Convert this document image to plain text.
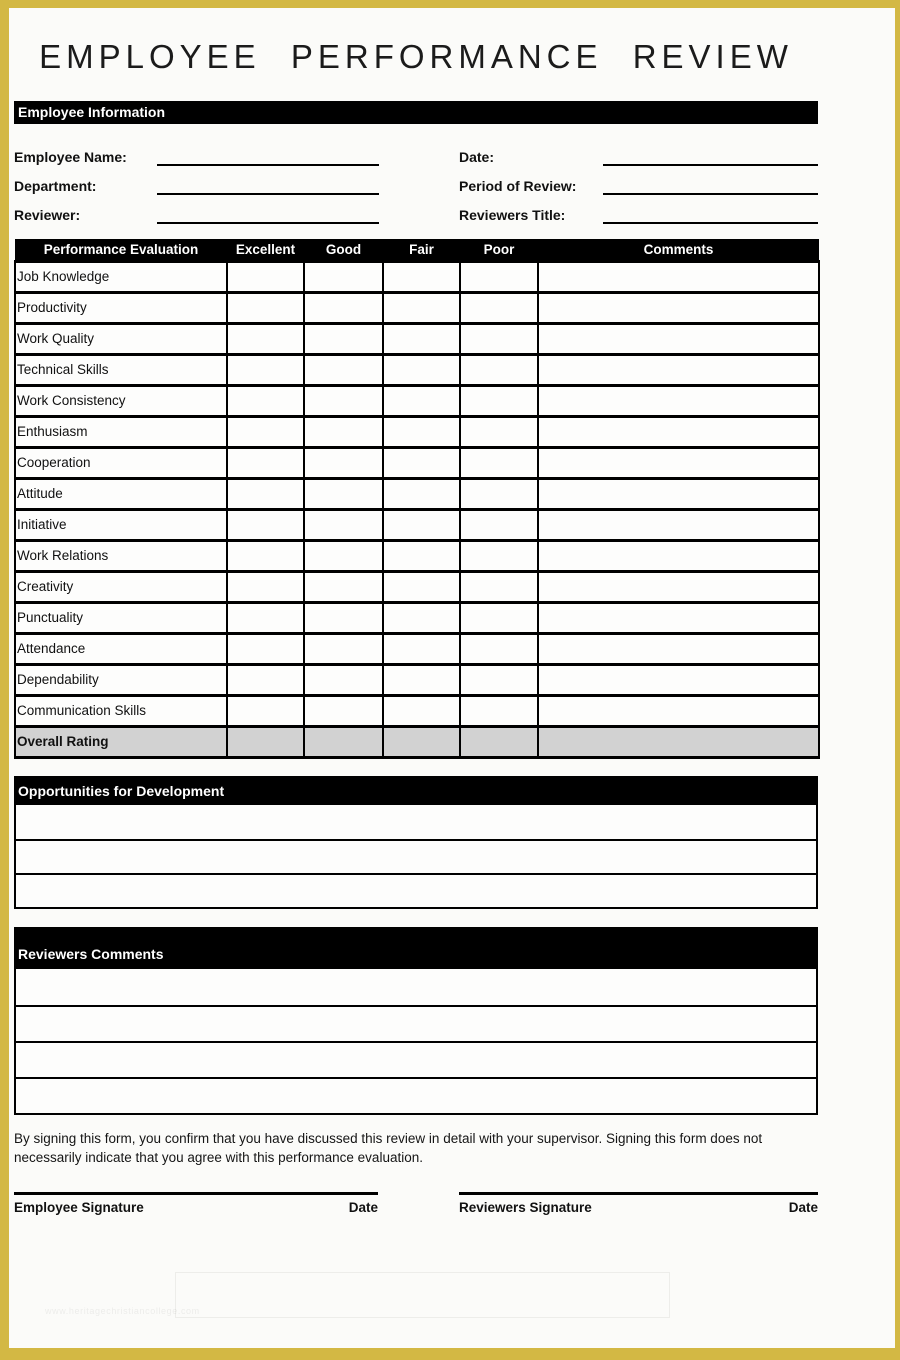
EMPLOYEE PERFORMANCE REVIEW
Employee Information
Employee Name:	Date:
Department:	Period of Review:
Reviewer:	Reviewers Title:
Performance Evaluation	Excellent	Good	Fair	Poor	Comments
Job Knowledge					
Productivity					
Work Quality					
Technical Skills					
Work Consistency					
Enthusiasm					
Cooperation					
Attitude					
Initiative					
Work Relations					
Creativity					
Punctuality					
Attendance					
Dependability					
Communication Skills					
Overall Rating					
Opportunities for Development
Reviewers Comments

By signing this form, you confirm that you have discussed this review in detail with your supervisor. Signing this form does not necessarily indicate that you agree with this performance evaluation.

Employee Signature	Date	Reviewers Signature	Date
www.heritagechristiancollege.com
